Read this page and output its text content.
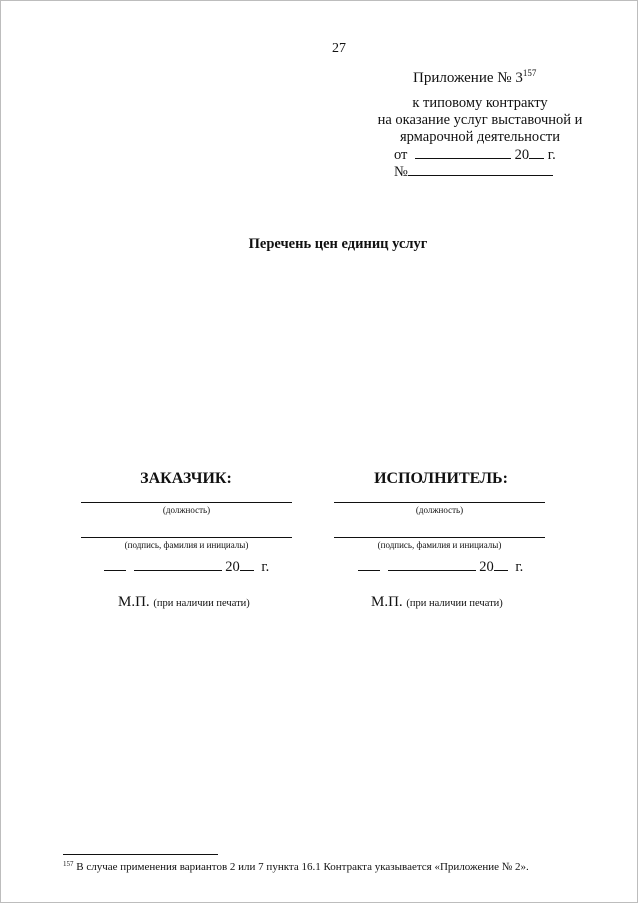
27
Приложение № $3^{157}$
к типовому контракту
на оказание услуг выставочной и
ярмарочной деятельности
от	20 г.
№
Перечень цен единиц услуг
ЗАКАЗЧИК:
(должность)
(подпись, фамилия и инициалы)
20 г.
М.П. (при наличии печати)
ИСПОЛНИТЕЛЬ:
(должность)
(подпись, фамилия и инициалы)
20 г.
М.П. (при наличии печати)
$^{157}$ В случае применения вариантов 2 или 7 пункта 16.1 Контракта указывается «Приложение № 2».
